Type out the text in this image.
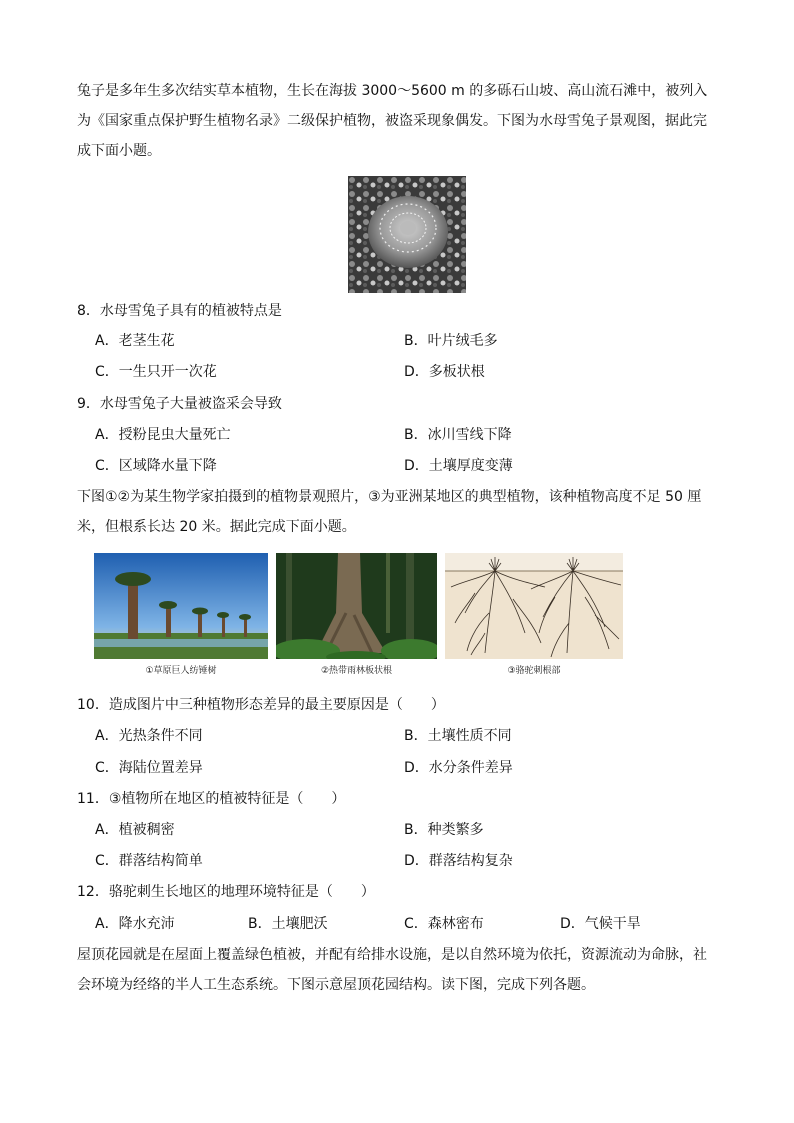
兔子是多年生多次结实草本植物，生长在海拔 3000～5600 m 的多砾石山坡、高山流石滩中，被列入为《国家重点保护野生植物名录》二级保护植物，被盗采现象偶发。下图为水母雪兔子景观图，据此完成下面小题。

8．水母雪兔子具有的植被特点是

A．老茎生花	B．叶片绒毛多

C．一生只开一次花	D．多板状根

9．水母雪兔子大量被盗采会导致

A．授粉昆虫大量死亡	B．冰川雪线下降

C．区域降水量下降	D．土壤厚度变薄

下图①②为某生物学家拍摄到的植物景观照片，③为亚洲某地区的典型植物，该种植物高度不足 50 厘米，但根系长达 20 米。据此完成下面小题。

①草原巨人纺锤树	②热带雨林板状根	③骆驼刺根部

10．造成图片中三种植物形态差异的最主要原因是（　　）

A．光热条件不同	B．土壤性质不同

C．海陆位置差异	D．水分条件差异

11．③植物所在地区的植被特征是（　　）

A．植被稠密	B．种类繁多

C．群落结构简单	D．群落结构复杂

12．骆驼刺生长地区的地理环境特征是（　　）

A．降水充沛	B．土壤肥沃	C．森林密布	D．气候干旱

屋顶花园就是在屋面上覆盖绿色植被，并配有给排水设施，是以自然环境为依托，资源流动为命脉，社会环境为经络的半人工生态系统。下图示意屋顶花园结构。读下图，完成下列各题。
